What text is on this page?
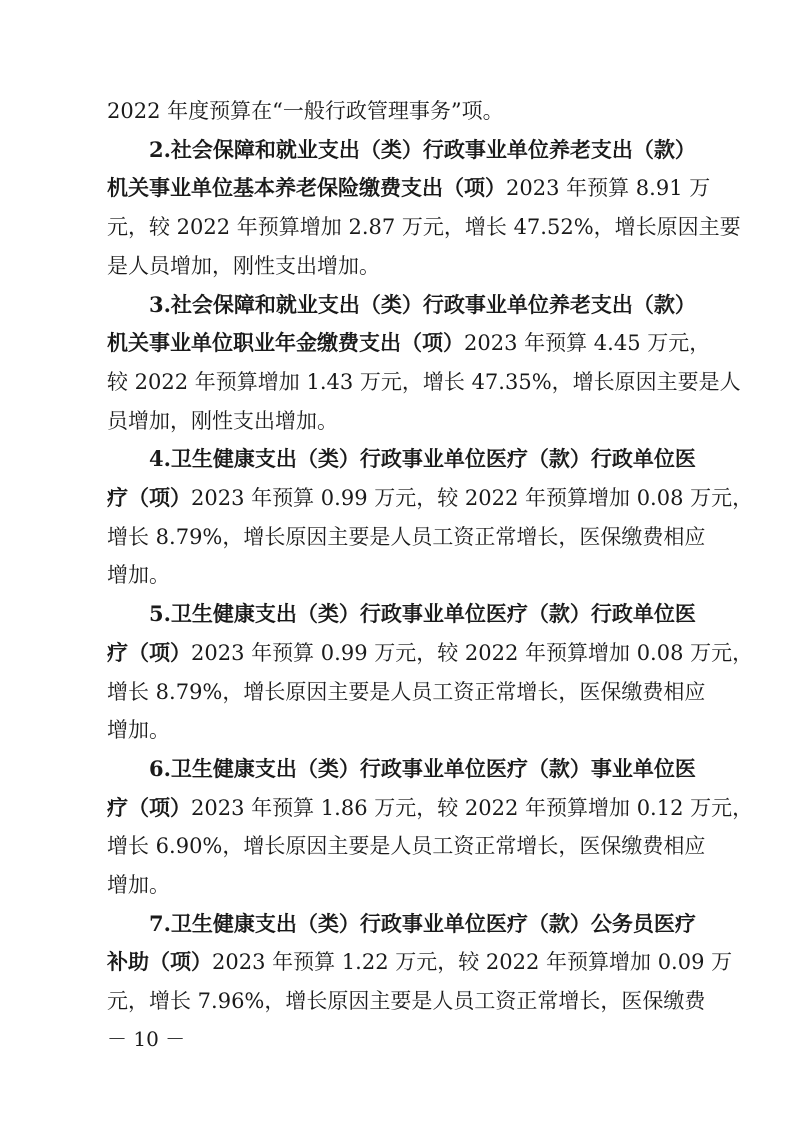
2022 年度预算在“一般行政管理事务”项。
2.社会保障和就业支出（类）行政事业单位养老支出（款）
机关事业单位基本养老保险缴费支出（项）2023 年预算 8.91 万
元，较 2022 年预算增加 2.87 万元，增长 47.52%，增长原因主要
是人员增加，刚性支出增加。
3.社会保障和就业支出（类）行政事业单位养老支出（款）
机关事业单位职业年金缴费支出（项）2023 年预算 4.45 万元，
较 2022 年预算增加 1.43 万元，增长 47.35%，增长原因主要是人
员增加，刚性支出增加。
4.卫生健康支出（类）行政事业单位医疗（款）行政单位医
疗（项）2023 年预算 0.99 万元，较 2022 年预算增加 0.08 万元，
增长 8.79%，增长原因主要是人员工资正常增长，医保缴费相应
增加。
5.卫生健康支出（类）行政事业单位医疗（款）行政单位医
疗（项）2023 年预算 0.99 万元，较 2022 年预算增加 0.08 万元，
增长 8.79%，增长原因主要是人员工资正常增长，医保缴费相应
增加。
6.卫生健康支出（类）行政事业单位医疗（款）事业单位医
疗（项）2023 年预算 1.86 万元，较 2022 年预算增加 0.12 万元，
增长 6.90%，增长原因主要是人员工资正常增长，医保缴费相应
增加。
7.卫生健康支出（类）行政事业单位医疗（款）公务员医疗
补助（项）2023 年预算 1.22 万元，较 2022 年预算增加 0.09 万
元，增长 7.96%，增长原因主要是人员工资正常增长，医保缴费
－ 10 －
